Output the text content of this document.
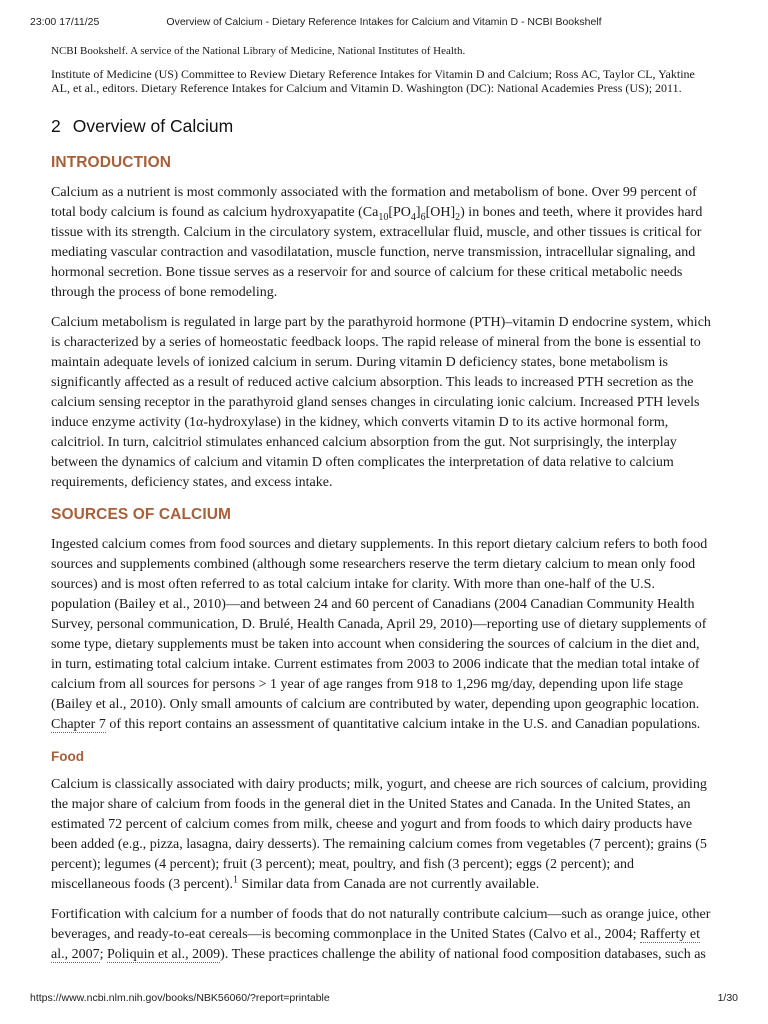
23:00 17/11/25	Overview of Calcium - Dietary Reference Intakes for Calcium and Vitamin D - NCBI Bookshelf

NCBI Bookshelf. A service of the National Library of Medicine, National Institutes of Health.

Institute of Medicine (US) Committee to Review Dietary Reference Intakes for Vitamin D and Calcium; Ross AC, Taylor CL, Yaktine AL, et al., editors. Dietary Reference Intakes for Calcium and Vitamin D. Washington (DC): National Academies Press (US); 2011.

2 Overview of Calcium
INTRODUCTION

Calcium as a nutrient is most commonly associated with the formation and metabolism of bone. Over 99 percent of total body calcium is found as calcium hydroxyapatite $(Ca_{10}[PO_4]_6[OH]_2)$ in bones and teeth, where it provides hard tissue with its strength. Calcium in the circulatory system, extracellular fluid, muscle, and other tissues is critical for mediating vascular contraction and vasodilatation, muscle function, nerve transmission, intracellular signaling, and hormonal secretion. Bone tissue serves as a reservoir for and source of calcium for these critical metabolic needs through the process of bone remodeling.

Calcium metabolism is regulated in large part by the parathyroid hormone (PTH)–vitamin D endocrine system, which is characterized by a series of homeostatic feedback loops. The rapid release of mineral from the bone is essential to maintain adequate levels of ionized calcium in serum. During vitamin D deficiency states, bone metabolism is significantly affected as a result of reduced active calcium absorption. This leads to increased PTH secretion as the calcium sensing receptor in the parathyroid gland senses changes in circulating ionic calcium. Increased PTH levels induce enzyme activity (1α-hydroxylase) in the kidney, which converts vitamin D to its active hormonal form, calcitriol. In turn, calcitriol stimulates enhanced calcium absorption from the gut. Not surprisingly, the interplay between the dynamics of calcium and vitamin D often complicates the interpretation of data relative to calcium requirements, deficiency states, and excess intake.

SOURCES OF CALCIUM

Ingested calcium comes from food sources and dietary supplements. In this report dietary calcium refers to both food sources and supplements combined (although some researchers reserve the term dietary calcium to mean only food sources) and is most often referred to as total calcium intake for clarity. With more than one-half of the U.S. population (Bailey et al., 2010)—and between 24 and 60 percent of Canadians (2004 Canadian Community Health Survey, personal communication, D. Brulé, Health Canada, April 29, 2010)—reporting use of dietary supplements of some type, dietary supplements must be taken into account when considering the sources of calcium in the diet and, in turn, estimating total calcium intake. Current estimates from 2003 to 2006 indicate that the median total intake of calcium from all sources for persons > 1 year of age ranges from 918 to 1,296 mg/day, depending upon life stage (Bailey et al., 2010). Only small amounts of calcium are contributed by water, depending upon geographic location. Chapter 7 of this report contains an assessment of quantitative calcium intake in the U.S. and Canadian populations.

Food

Calcium is classically associated with dairy products; milk, yogurt, and cheese are rich sources of calcium, providing the major share of calcium from foods in the general diet in the United States and Canada. In the United States, an estimated 72 percent of calcium comes from milk, cheese and yogurt and from foods to which dairy products have been added (e.g., pizza, lasagna, dairy desserts). The remaining calcium comes from vegetables (7 percent); grains (5 percent); legumes (4 percent); fruit (3 percent); meat, poultry, and fish (3 percent); eggs (2 percent); and miscellaneous foods (3 percent).$^1$ Similar data from Canada are not currently available.

Fortification with calcium for a number of foods that do not naturally contribute calcium—such as orange juice, other beverages, and ready-to-eat cereals—is becoming commonplace in the United States (Calvo et al., 2004; Rafferty et al., 2007; Poliquin et al., 2009). These practices challenge the ability of national food composition databases, such as

https://www.ncbi.nlm.nih.gov/books/NBK56060/?report=printable	1/30
